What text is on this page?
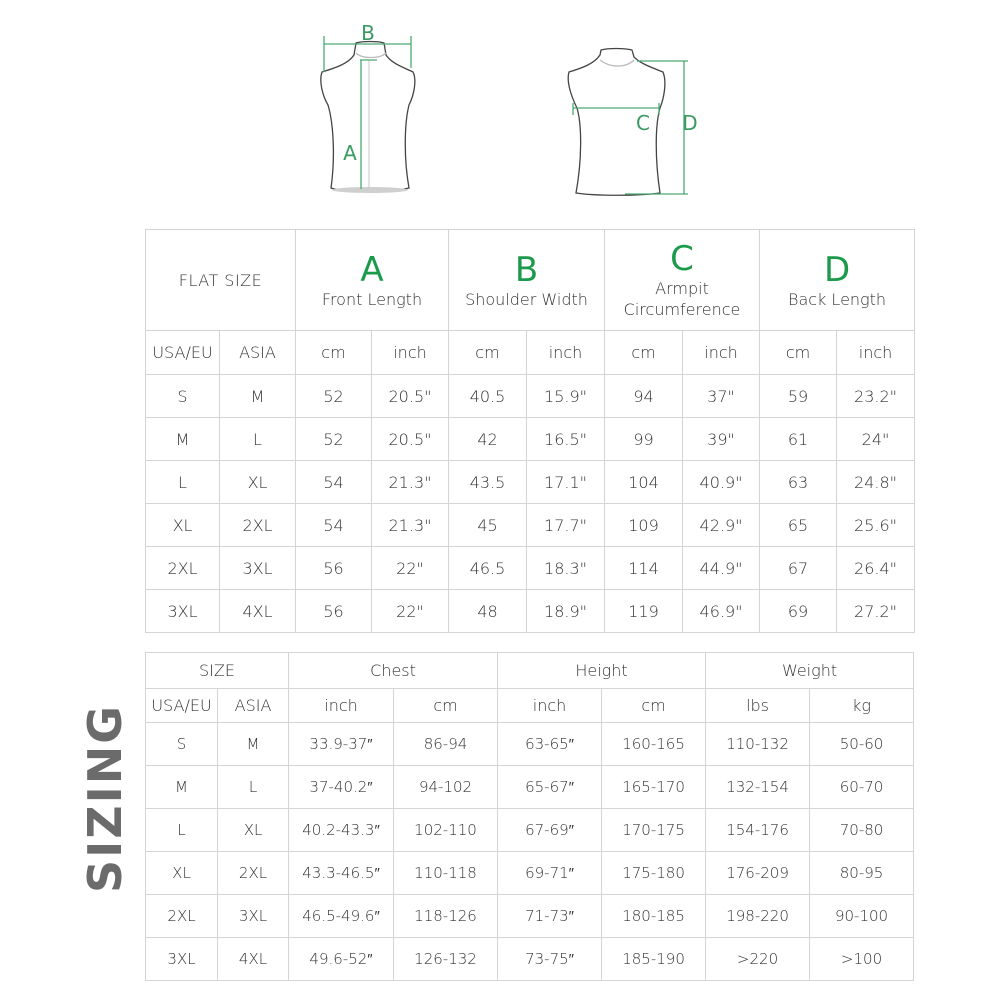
B
A
C D
FLAT SIZE		A
Front Length		B
Shoulder Width		C
Armpit
Circumference		D
Back Length	

USA/EU	ASIA	cm	inch	cm	inch	cm	inch	cm	inch
S	M	52	20.5"	40.5	15.9"	94	37"	59	23.2"
M	L	52	20.5"	42	16.5"	99	39"	61	24"
L	XL	54	21.3"	43.5	17.1"	104	40.9"	63	24.8"
XL	2XL	54	21.3"	45	17.7"	109	42.9"	65	25.6"
2XL	3XL	56	22"	46.5	18.3"	114	44.9"	67	26.4"
3XL	4XL	56	22"	48	18.9"	119	46.9"	69	27.2"
SIZING
SIZE		Chest		Height		Weight	
USA/EU	ASIA	inch	cm	inch	cm	lbs	kg
S	M	33.9-37″	86-94	63-65″	160-165	110-132	50-60
M	L	37-40.2″	94-102	65-67″	165-170	132-154	60-70
L	XL	40.2-43.3″	102-110	67-69″	170-175	154-176	70-80
XL	2XL	43.3-46.5″	110-118	69-71″	175-180	176-209	80-95
2XL	3XL	46.5-49.6″	118-126	71-73″	180-185	198-220	90-100
3XL	4XL	49.6-52″	126-132	73-75″	185-190	>220	>100
